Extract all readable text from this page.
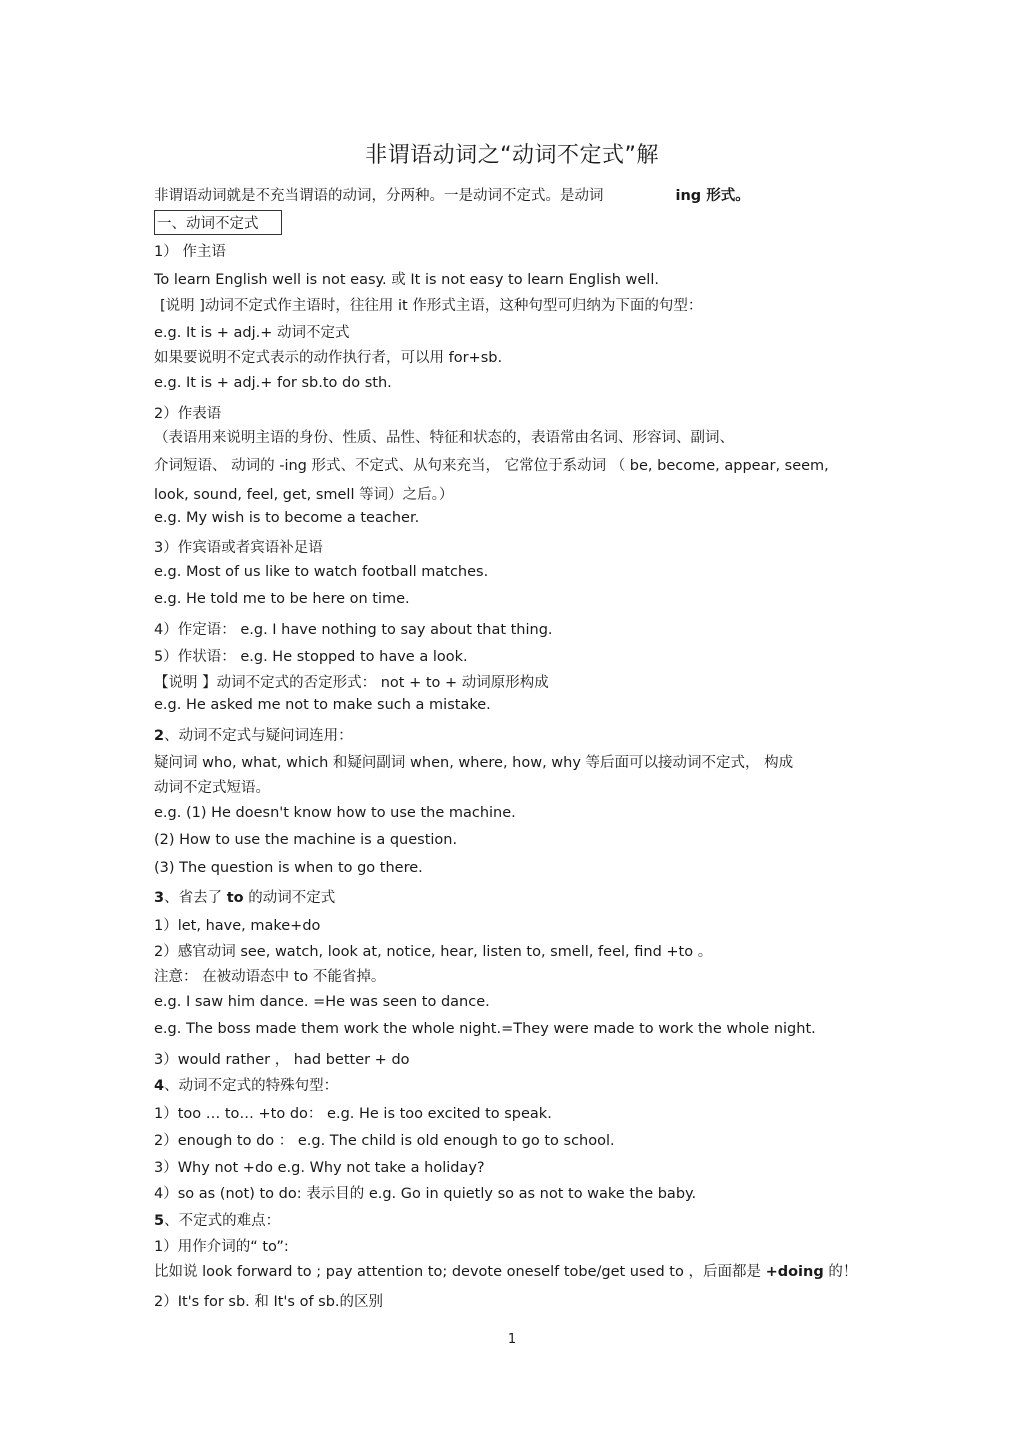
非谓语动词之“动词不定式”解
非谓语动词就是不充当谓语的动词，分两种。一是动词不定式。是动词	ing 形式。
一、动词不定式
1） 作主语
To learn English well is not easy. 或 It is not easy to learn English well.
[说明 ]动词不定式作主语时，往往用 it 作形式主语，这种句型可归纳为下面的句型：
e.g. It is + adj.+ 动词不定式
如果要说明不定式表示的动作执行者，可以用 for+sb.
e.g. It is + adj.+ for sb.to do sth.
2）作表语
（表语用来说明主语的身份、性质、品性、特征和状态的，表语常由名词、形容词、副词、
介词短语、 动词的 -ing 形式、不定式、从句来充当， 它常位于系动词 （ be, become, appear, seem,
look, sound, feel, get, smell 等词）之后。）
e.g. My wish is to become a teacher.
3）作宾语或者宾语补足语
e.g. Most of us like to watch football matches.
e.g. He told me to be here on time.
4）作定语： e.g. I have nothing to say about that thing.
5）作状语： e.g. He stopped to have a look.
【说明 】动词不定式的否定形式： not + to + 动词原形构成
e.g. He asked me not to make such a mistake.
2、动词不定式与疑问词连用：
疑问词 who, what, which 和疑问副词 when, where, how, why 等后面可以接动词不定式， 构成
动词不定式短语。
e.g. (1) He doesn't know how to use the machine.
(2) How to use the machine is a question.
(3) The question is when to go there.
3、省去了 to 的动词不定式
1）let, have, make+do
2）感官动词 see, watch, look at, notice, hear, listen to, smell, feel, find +to 。
注意： 在被动语态中 to 不能省掉。
e.g. I saw him dance. =He was seen to dance.
e.g. The boss made them work the whole night.=They were made to work the whole night.
3）would rather ， had better + do
4、动词不定式的特殊句型：
1）too … to… +to do： e.g. He is too excited to speak.
2）enough to do ： e.g. The child is old enough to go to school.
3）Why not +do e.g. Why not take a holiday?
4）so as (not) to do: 表示目的 e.g. Go in quietly so as not to wake the baby.
5、不定式的难点：
1）用作介词的“ to”:
比如说 look forward to ; pay attention to; devote oneself tobe/get used to ，后面都是 +doing 的！
2）It's for sb. 和 It's of sb.的区别
1
